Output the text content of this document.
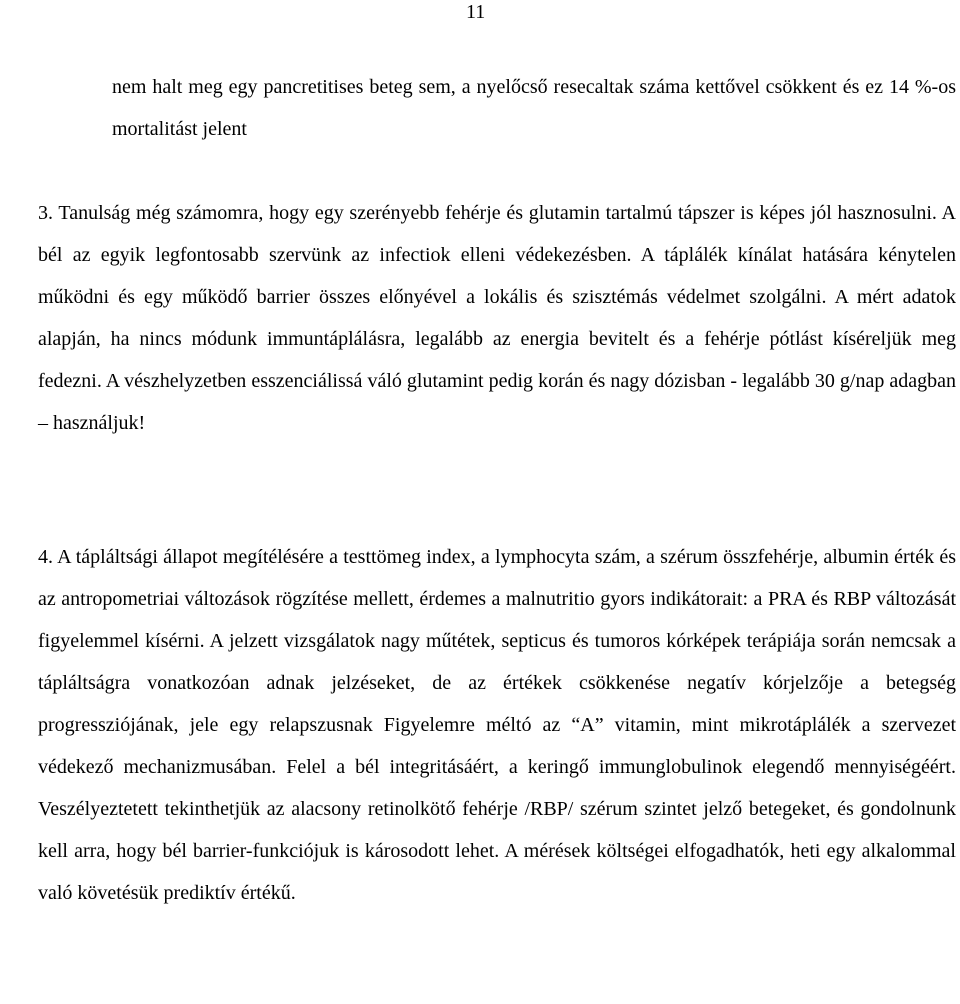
11

nem halt meg egy pancretitises beteg sem, a nyelőcső resecaltak száma kettővel csökkent és ez 14 %-os mortalitást jelent

3. Tanulság még számomra, hogy egy szerényebb fehérje és glutamin tartalmú tápszer is képes jól hasznosulni. A bél az egyik legfontosabb szervünk az infectiok elleni védekezésben. A táplálék kínálat hatására kénytelen működni és egy működő barrier összes előnyével a lokális és szisztémás védelmet szolgálni. A mért adatok alapján, ha nincs módunk immuntáplálásra, legalább az energia bevitelt és a fehérje pótlást kíséreljük meg fedezni. A vészhelyzetben esszenciálissá váló glutamint pedig korán és nagy dózisban - legalább 30 g/nap adagban – használjuk!

4. A tápláltsági állapot megítélésére a testtömeg index, a lymphocyta szám, a szérum összfehérje, albumin érték és az antropometriai változások rögzítése mellett, érdemes a malnutritio gyors indikátorait: a PRA és RBP változását figyelemmel kísérni. A jelzett vizsgálatok nagy műtétek, septicus és tumoros kórképek terápiája során nemcsak a tápláltságra vonatkozóan adnak jelzéseket, de az értékek csökkenése negatív kórjelzője a betegség progressziójának, jele egy relapszusnak Figyelemre méltó az “A” vitamin, mint mikrotáplálék a szervezet védekező mechanizmusában. Felel a bél integritásáért, a keringő immunglobulinok elegendő mennyiségéért. Veszélyeztetett tekinthetjük az alacsony retinolkötő fehérje /RBP/ szérum szintet jelző betegeket, és gondolnunk kell arra, hogy bél barrier-funkciójuk is károsodott lehet. A mérések költségei elfogadhatók, heti egy alkalommal való követésük prediktív értékű.
